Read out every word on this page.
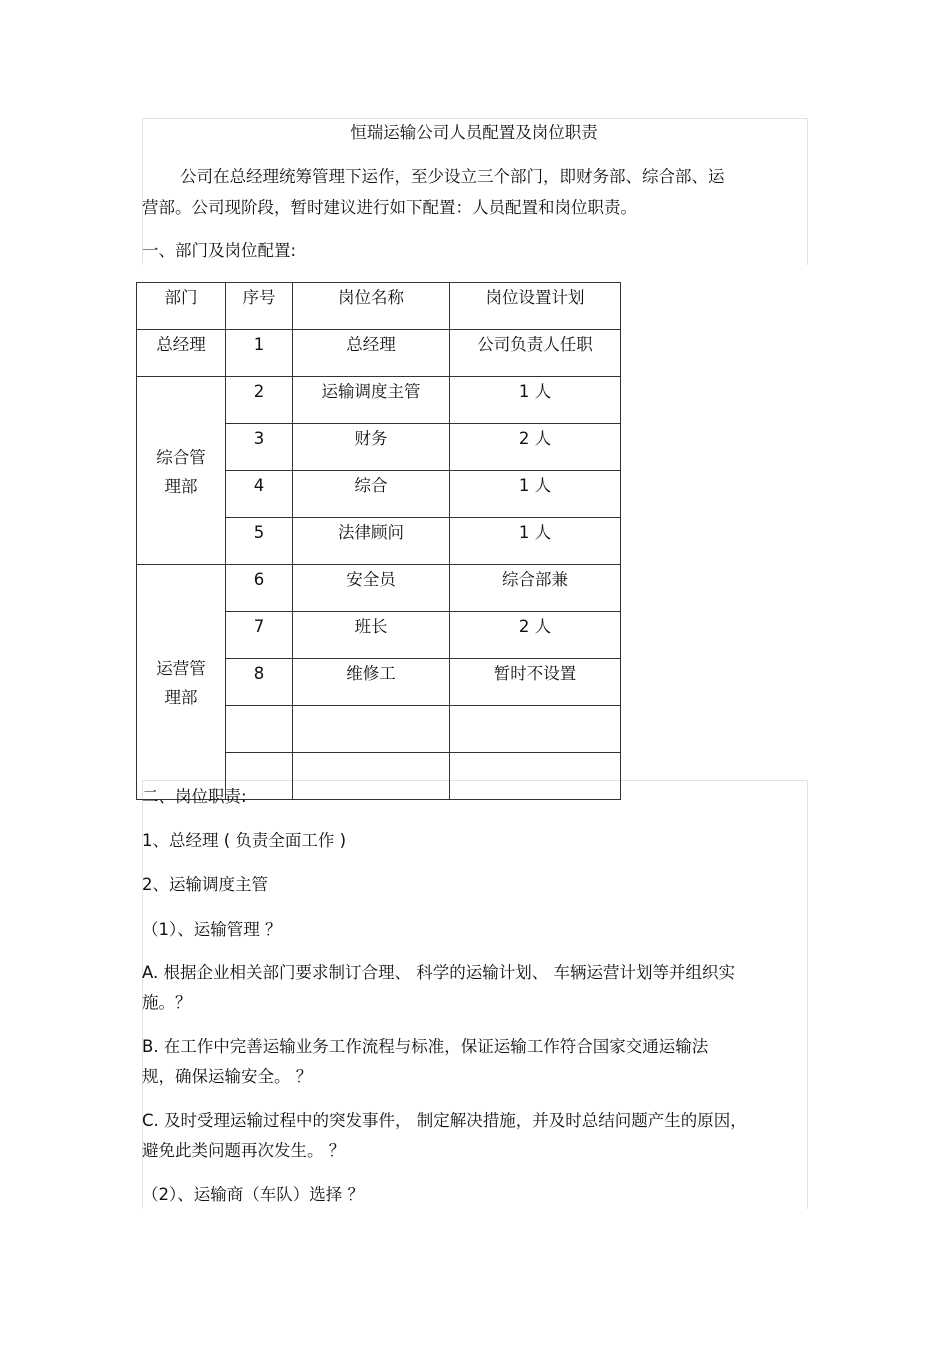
恒瑞运输公司人员配置及岗位职责
公司在总经理统筹管理下运作，至少设立三个部门，即财务部、综合部、运
营部。公司现阶段，暂时建议进行如下配置：人员配置和岗位职责。
一、部门及岗位配置:
部门	序号	岗位名称	岗位设置计划
总经理	1	总经理	公司负责人任职

综合管
理部	2	运输调度主管	1 人
	3	财务	2 人
	4	综合	1 人
	5	法律顾问	1 人

运营管
理部	6	安全员	综合部兼
	7	班长	2 人
	8	维修工	暂时不设置

二、岗位职责:
1、总经理 ( 负责全面工作 )
2、运输调度主管
（1）、运输管理 ？
A. 根据企业相关部门要求制订合理、 科学的运输计划、 车辆运营计划等并组织实
施。？
B. 在工作中完善运输业务工作流程与标准，保证运输工作符合国家交通运输法
规，确保运输安全。 ？
C. 及时受理运输过程中的突发事件， 制定解决措施，并及时总结问题产生的原因，
避免此类问题再次发生。 ？
（2）、运输商（车队）选择 ？
